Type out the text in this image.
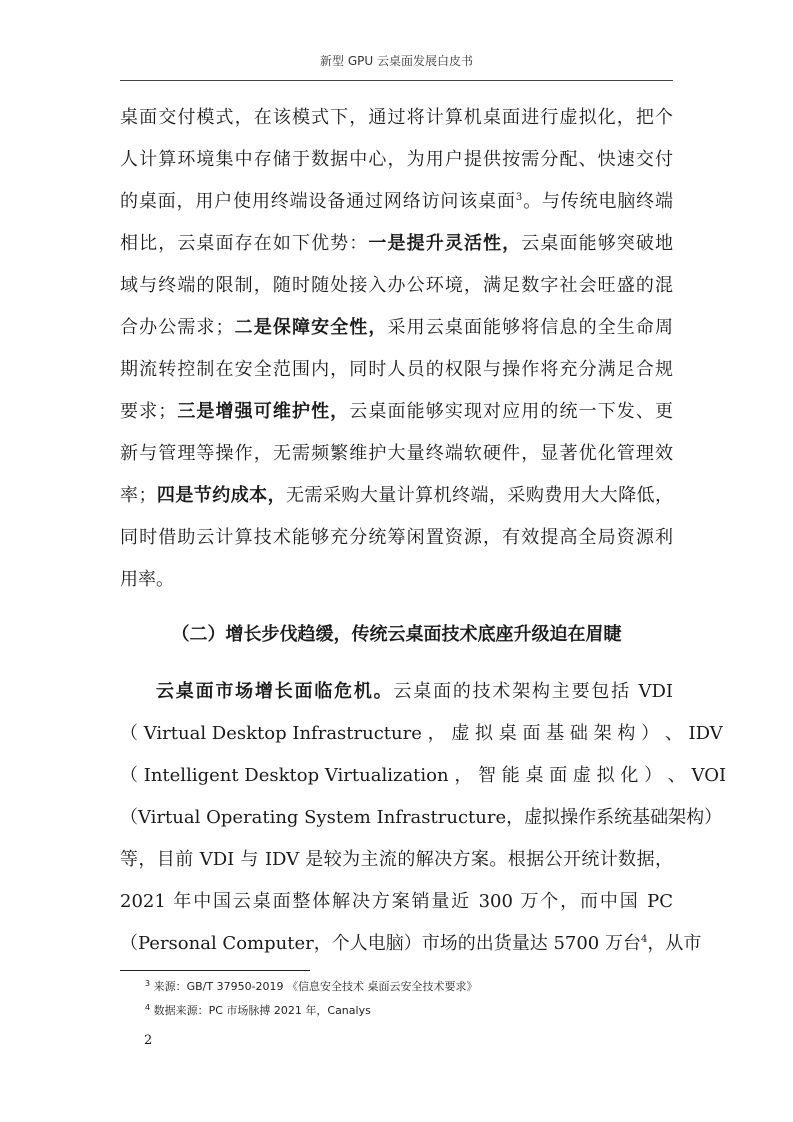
新型 GPU 云桌面发展白皮书
桌面交付模式，在该模式下，通过将计算机桌面进行虚拟化，把个
人计算环境集中存储于数据中心，为用户提供按需分配、快速交付
的桌面，用户使用终端设备通过网络访问该桌面$^3$。与传统电脑终端
相比，云桌面存在如下优势：一是提升灵活性，云桌面能够突破地
域与终端的限制，随时随处接入办公环境，满足数字社会旺盛的混
合办公需求；二是保障安全性，采用云桌面能够将信息的全生命周
期流转控制在安全范围内，同时人员的权限与操作将充分满足合规
要求；三是增强可维护性，云桌面能够实现对应用的统一下发、更
新与管理等操作，无需频繁维护大量终端软硬件，显著优化管理效
率；四是节约成本，无需采购大量计算机终端，采购费用大大降低，
同时借助云计算技术能够充分统筹闲置资源，有效提高全局资源利
用率。
（二）增长步伐趋缓，传统云桌面技术底座升级迫在眉睫
云桌面市场增长面临危机。云桌面的技术架构主要包括 VDI
（ Virtual Desktop Infrastructure ， 虚 拟 桌 面 基 础 架 构 ） 、 IDV
（ Intelligent Desktop Virtualization ， 智 能 桌 面 虚 拟 化 ） 、 VOI
（Virtual Operating System Infrastructure，虚拟操作系统基础架构）
等，目前 VDI 与 IDV 是较为主流的解决方案。根据公开统计数据，
2021 年中国云桌面整体解决方案销量近 300 万个，而中国 PC
（Personal Computer，个人电脑）市场的出货量达 5700 万台$^4$，从市
$^3$ 来源：GB/T 37950-2019 《信息安全技术 桌面云安全技术要求》
$^4$ 数据来源：PC 市场脉搏 2021 年，Canalys
2
